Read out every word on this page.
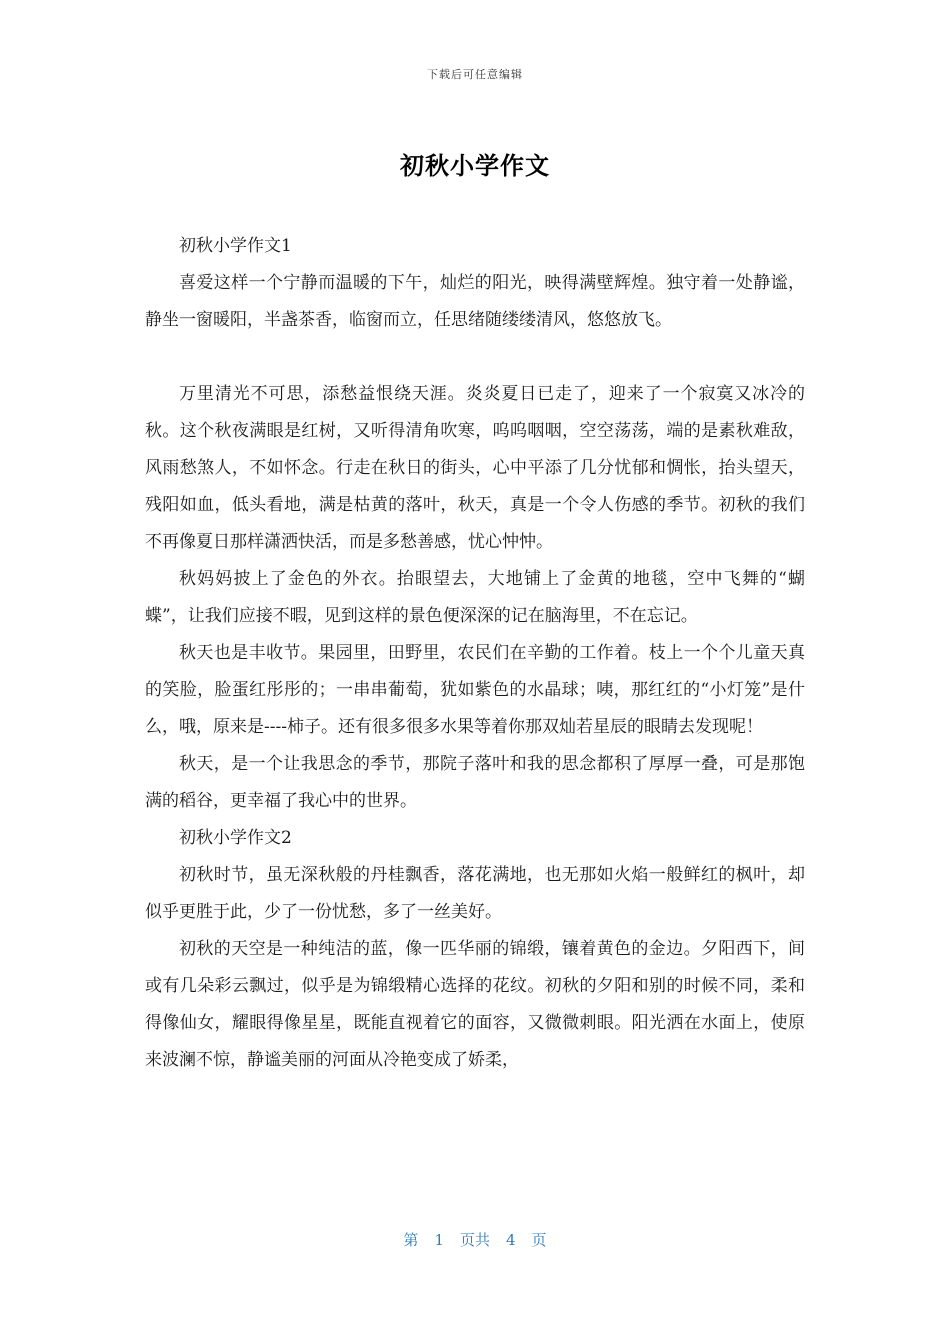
下载后可任意编辑
初秋小学作文

初秋小学作文1

喜爱这样一个宁静而温暖的下午，灿烂的阳光，映得满壁辉煌。独守着一处静谧，静坐一窗暖阳，半盏茶香，临窗而立，任思绪随缕缕清风，悠悠放飞。

万里清光不可思，添愁益恨绕天涯。炎炎夏日已走了，迎来了一个寂寞又冰冷的秋。这个秋夜满眼是红树，又听得清角吹寒，呜呜咽咽，空空荡荡，端的是素秋难敌，风雨愁煞人，不如怀念。行走在秋日的街头，心中平添了几分忧郁和惆怅，抬头望天，残阳如血，低头看地，满是枯黄的落叶，秋天，真是一个令人伤感的季节。初秋的我们不再像夏日那样潇洒快活，而是多愁善感，忧心忡忡。

秋妈妈披上了金色的外衣。抬眼望去，大地铺上了金黄的地毯，空中飞舞的“蝴蝶”，让我们应接不暇，见到这样的景色便深深的记在脑海里，不在忘记。

秋天也是丰收节。果园里，田野里，农民们在辛勤的工作着。枝上一个个儿童天真的笑脸，脸蛋红彤彤的；一串串葡萄，犹如紫色的水晶球；咦，那红红的“小灯笼”是什么，哦，原来是----柿子。还有很多很多水果等着你那双灿若星辰的眼睛去发现呢！

秋天，是一个让我思念的季节，那院子落叶和我的思念都积了厚厚一叠，可是那饱满的稻谷，更幸福了我心中的世界。

初秋小学作文2

初秋时节，虽无深秋般的丹桂飘香，落花满地，也无那如火焰一般鲜红的枫叶，却似乎更胜于此，少了一份忧愁，多了一丝美好。

初秋的天空是一种纯洁的蓝，像一匹华丽的锦缎，镶着黄色的金边。夕阳西下，间或有几朵彩云飘过，似乎是为锦缎精心选择的花纹。初秋的夕阳和别的时候不同，柔和得像仙女，耀眼得像星星，既能直视着它的面容，又微微刺眼。阳光洒在水面上，使原来波澜不惊，静谧美丽的河面从冷艳变成了娇柔，

第 1 页共 4 页
